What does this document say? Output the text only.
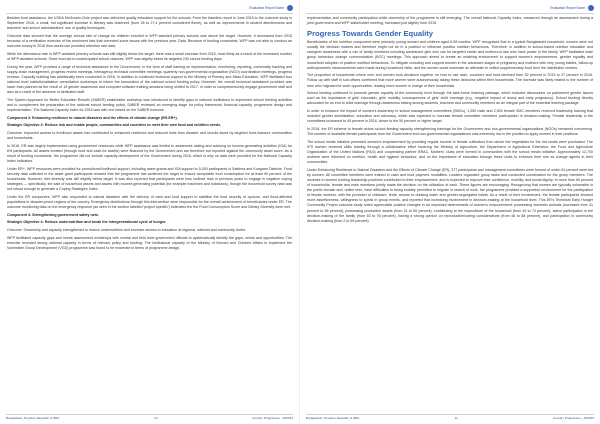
Evaluation Report Name

Besides food assistance, the USDA McGovern-Dole project also delivered quality education support for the schools. From the baseline report in June 2015 to the outcome study in September 2016, a small, not significant increase in literacy was observed (from 26 to 27.4 percent considered fluent), as well as improvements in student attentiveness and teachers' and school administrators' use of quality techniques.

Outcome data showed that the average annual rate of change for children enrolled in WFP-assisted primary schools was above the target. However, it decreased from 2015 because of a verification exercise of the enrolment lists that corrected some issues with the previous year. Data. Because of funding constraints, WFP was not able to conduct an outcome survey in 2016 thus would use provided retention rate data.

While the attendance rate in WFP-assisted primary schools was still slightly below the target, there was a small increase from 2015, most likely as a result of the increased number of WFP-assisted schools. Since food aid to unanticipated school closures, WFP was slightly below its targeted 240 school feeding days.

During the year, WFP provided a range of technical assistance to the Government, in the form of staff training on implementation, monitoring, reporting, commodity tracking and supply-chain management, progress review meetings, interagency technical committee meetings, quarterly non-governmental organization (NGO) coordination meetings, progress reviews. Capacity building has additionally been conducted in 2016, in addition to continued technical support to the Ministry of Primary and Mass Education, WFP facilitated four national level institutionalisation consultation workshops to inform the formulation of the national school feeding policy. However, the overall technical assistance provided was lower than planned as the result of 15 gender awareness and computer software training sessions being shifted to 2017, in order to comprehensively engage government staff and also as a result of the absence of dedicated staff.

The System Approach for Better Education Results (SABER) stakeholder workshop was introduced to identify gaps in national institutions to implement school feeding activities and to complement the preparation of the national school feeding policy. SABER reviewed an emerging stage for policy framework, financial capacity, programme design and implementation. The National Capacity Index for 2016 was with one based on the SABER exercise.

Component 3: Enhancing resilience to natural disasters and the effects of climate change (ER-ER+).

Strategic Objective 3: Reduce risk and enable people, communities and countries to meet their own food and nutrition needs.

Outcome: Improved access to livelihood assets has contributed to enhanced resilience and reduced risks from disaster and shocks faced by targeted food-insecure communities and households.

In 2016, ER was largely implemented using government resources while WFP assistance was limited to awareness raising and advising on income-generating activities (IGA) for 6% participants. All assets created (through food and cash-for assets) were financed by the Government and are therefore not reported against the community asset score. As a result of funding constraints, the programme did not include capacity development of the Government during 2016, which is why no data were provided for the National Capacity Index indicators.

Under ER+, WFP resources were provided for promotional livelihood support, including asset grants and IGA support to 5,000 participants in Satkhira and Kurigram Districts. Food security data collected in the asset grant participants showed that the programme has achieved the target to ensure acceptable food consumption for at least 90 percent of the households. However, diet diversity was still slightly below target. It was also reported that participants were less inclined than in previous years to engage in negative coping strategies — specifically, the sale of household assets and assets with income-generating potential (for example machines and rickshaws), though the household survey data was not robust enough to generate a Coping Strategies Index.

Under the ER component, WFP also responded to natural disasters with the delivery of cash and food support to stabilise the food security of cyclone- and flood-affected populations in disaster-prone regions of the country. Emergency distributions through this intervention were responsible for the overall achievement of beneficiaries under ER. The outcome monitoring data on the emergency response (as seen in the section labelled 'project specific') estimated the the Food Consumption Score and Dietary Diversity were met.

Component 4: Strengthening government safety nets.

Strategic Objective 4: Reduce undernutrition and break the intergenerational cycle of hunger.

Outcome: Ownership and capacity strengthened to reduce undernutrition and increase access to education at regional, national and community levels.

WFP facilitated capacity gaps and needs assessment workshops with central and field level government officials to systematically identify the gaps, needs and opportunities. The exercise revealed strong national capacity in terms of relevant policy and funding. The institutional capacity of the Ministry of Women and Children Affairs to implement the Vulnerable Group Development (VGD) programme was found to be moderate in terms of programme design,

Bangladesh, People's Republic of (BD)	10	Country Programme - 200243
Evaluation Report Name

implementation and community participation while ownership of the programme is still emerging. The overall National Capacity Index, measured through an assessment during a joint government and WFP stakeholder meeting, increased just slightly from 2015.

Progress Towards Gender Equality

Beneficiaries of the nutrition component were primarily young women and children aged 6-59 months. WFP recognised that in a typical Bangladeshi household, women were not usually the decision makers and therefore might not be in a position to influence positive nutrition behaviours. Therefore, in addition to school-based nutrition education and caregiver awareness with a mix of family members including adolescent girls who can be targeted earlier and mothers-in-law who have power in the family, WFP facilitated male group behaviour change communication (BCC) meetings. This approach aimed to create an enabling environment to support women's empowerment, gender equality and household adoption of positive nutrition behaviours. To mitigate crowding and support women in the advanced stages of pregnancy and mothers with very young babies, follow-up anthropometric measurements were made during household visits, and the women could nominate an alternate to collect supplementary food from the distribution centres.

The proportion of households where men and women took decisions together on how to use cash, vouchers and food declined from 52 percent in 2015 to 27 percent in 2016. Follow-up with staff in sub-offices confirmed that more women were autonomously taking these decisions within their households. The increase was likely related to the number of men who migrated for work opportunities, leaving more women in charge of their households.

School feeding continued to promote gender equality at the community level through the take-home learning package, which included discussions on parliament gender issues such as the importance of girls' education, girls' mobility, consequences of girls' child marriage (e.g., negative impact of dowry and early pregnancy). School feeding directly advocated for an end to child marriage through awareness raising among students, teachers and community members as an integral part of the essential learning package.

In order to enhance the impact of women's leadership in school management committees (SMCs), 1,250 male and 2,500 female SMC members received leadership training that included gender sensitisation, education and advocacy, which was expected to increase female committee members' participation in decision-making. Female leadership in the committees increased to 45 percent in 2016, closer to the 50 percent or higher target.

In 2016, the ER scheme to female actors school feeding capacity strengthening trainings for the Government and non-governmental organizations (NGOs) remained concerning. The number of available female participants from the Government and non-governmental organizations was extremely low in the position to apply women in their positions.

The school meals initiative promoted women's empowerment by providing regular income to female cultivators from whom the vegetables for the hot meals were purchased. The 570 women received skills training through a collaborative effort involving the Ministry of Agriculture, the Department of Agricultural Extension, the Food and Agriculture Organization of the United Nations (FAO) and cooperating partner BRAC. Mothers' clubs were formed in communities with the school meals initiative. Approximately 12,700 mothers were informed on nutrition, health and hygiene behaviour, and on the importance of education through these clubs to enhance their role as change agents in their communities.

Under Enhancing Resilience to Natural Disasters and the Effects of Climate Change (ER), 377 participants and management committees were formed of which 61 percent were led by women. All committee members were trained in cash and food payment modalities. Leaders organised group tasks and conducted coordination for the group members. The increase in women holding leadership positions contributed to their empowerment, and is expected to improve their confidence, mobility, and social dignity. In more than 60 percent of households, female and male members jointly made the decision on the utilisation of cash. These figures are encouraging. Recognizing that women are typically vulnerable in the public domain and, unlike men, have difficulties in being socially permitted to migrate in search of work, the programme provided a supportive environment for the participation of female workers, with the provision of childcare, tents, access to drinking water and gender-segregated toilets. As a result of their involvement, the female participants showed more assertiveness, willingness to speak in group events, and reported that increasing involvement in decision-making at the household level. This ER's Technical Early Hunger Community Project outcome study noted appreciable positive changes in six important determinants of women's empowerment: possessing domestic animals (increased from 31 percent to 56 percent), possessing productive assets (from 21 to 55 percent), contributing to the expenditure of the household (from 45 to 74 percent), active participation in the decision-making of the family (from 63 to 93 percent), having a strong opinion on reproductive/caring considerations (from 48 to 88 percent), and participation in community decision-making (from 2 to 59 percent).

Bangladesh, People's Republic of (BD)	11	Country Programme - 200243
